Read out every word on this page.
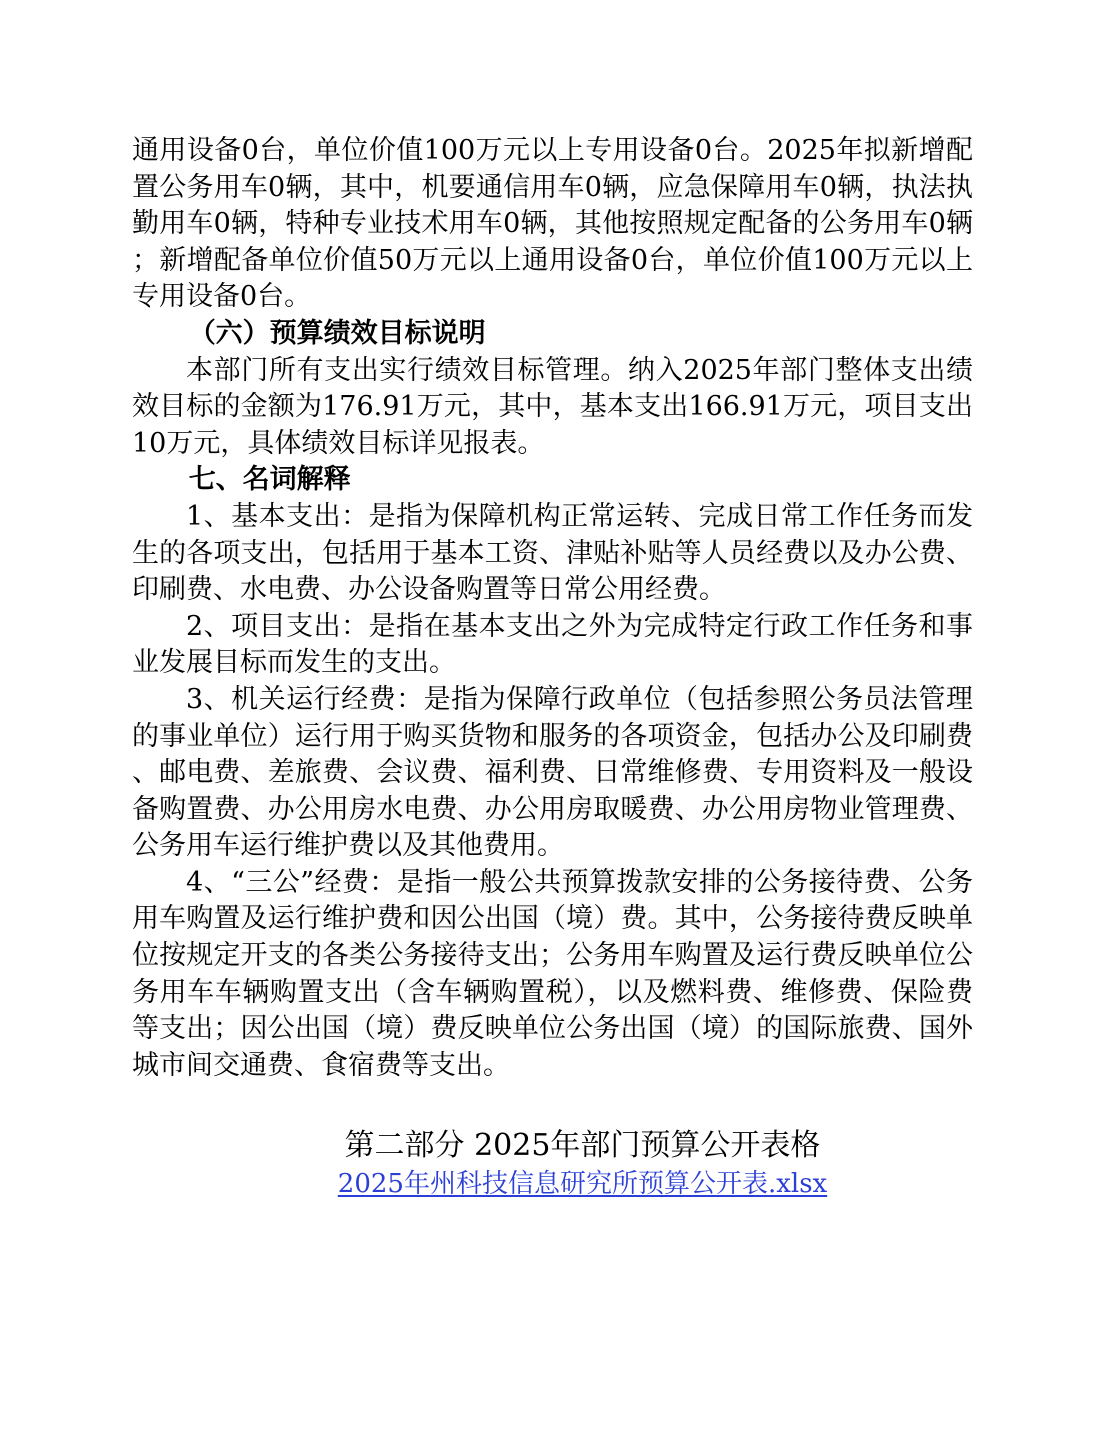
通用设备0台，单位价值100万元以上专用设备0台。2025年拟新增配置公务用车0辆，其中，机要通信用车0辆，应急保障用车0辆，执法执勤用车0辆，特种专业技术用车0辆，其他按照规定配备的公务用车0辆；新增配备单位价值50万元以上通用设备0台，单位价值100万元以上专用设备0台。

（六）预算绩效目标说明

本部门所有支出实行绩效目标管理。纳入2025年部门整体支出绩效目标的金额为176.91万元，其中，基本支出166.91万元，项目支出10万元，具体绩效目标详见报表。

七、名词解释

1、基本支出：是指为保障机构正常运转、完成日常工作任务而发生的各项支出，包括用于基本工资、津贴补贴等人员经费以及办公费、印刷费、水电费、办公设备购置等日常公用经费。

2、项目支出：是指在基本支出之外为完成特定行政工作任务和事业发展目标而发生的支出。

3、机关运行经费：是指为保障行政单位（包括参照公务员法管理的事业单位）运行用于购买货物和服务的各项资金，包括办公及印刷费、邮电费、差旅费、会议费、福利费、日常维修费、专用资料及一般设备购置费、办公用房水电费、办公用房取暖费、办公用房物业管理费、公务用车运行维护费以及其他费用。

4、“三公”经费：是指一般公共预算拨款安排的公务接待费、公务用车购置及运行维护费和因公出国（境）费。其中，公务接待费反映单位按规定开支的各类公务接待支出；公务用车购置及运行费反映单位公务用车车辆购置支出（含车辆购置税），以及燃料费、维修费、保险费等支出；因公出国（境）费反映单位公务出国（境）的国际旅费、国外城市间交通费、食宿费等支出。

第二部分 2025年部门预算公开表格
2025年州科技信息研究所预算公开表.xlsx
